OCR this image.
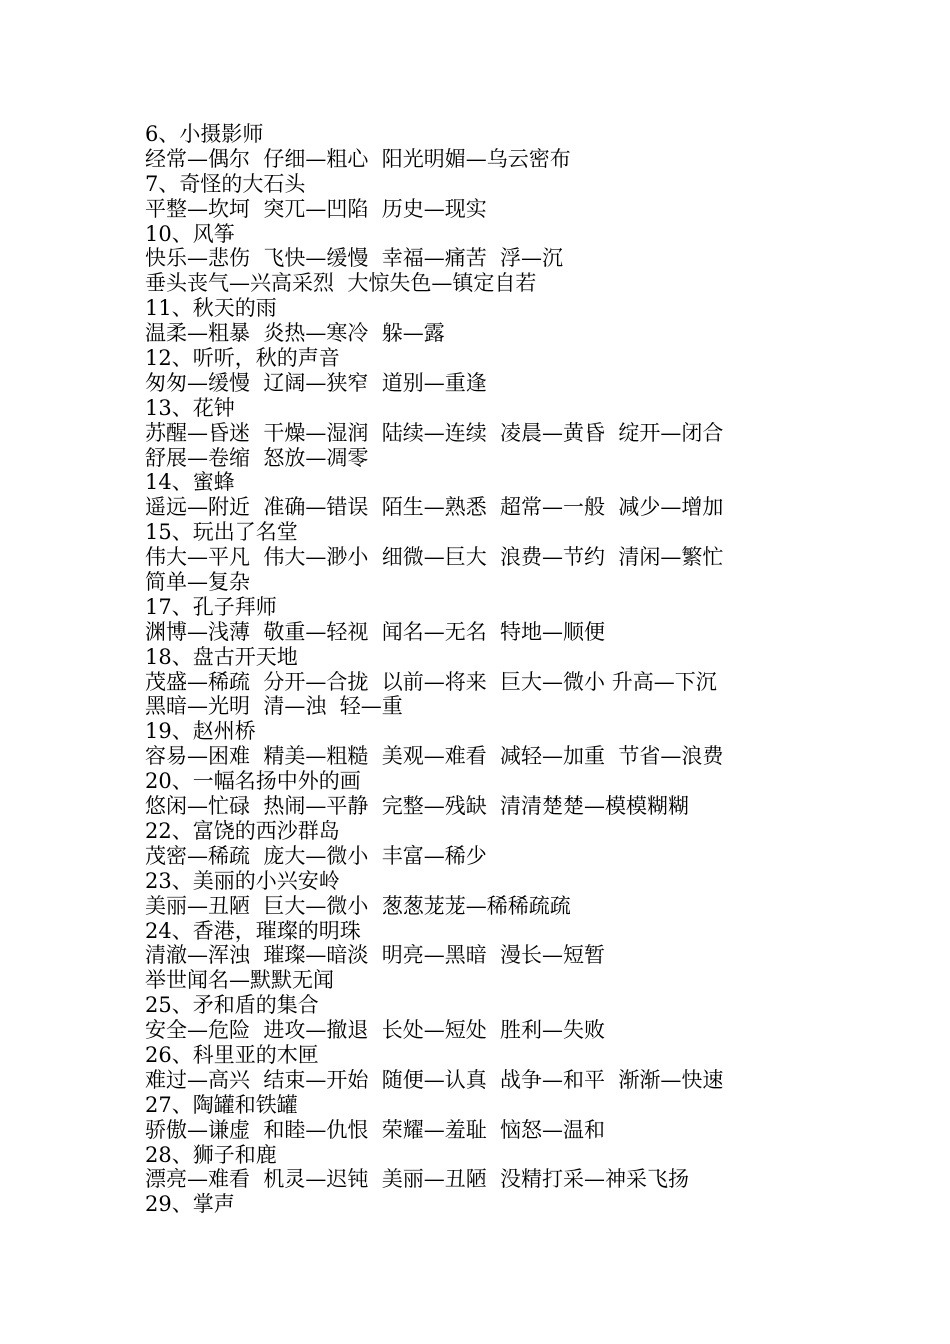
6、小摄影师
经常—偶尔  仔细—粗心  阳光明媚—乌云密布
7、奇怪的大石头
平整—坎坷  突兀—凹陷  历史—现实
10、风筝
快乐—悲伤  飞快—缓慢  幸福—痛苦  浮—沉
垂头丧气—兴高采烈  大惊失色—镇定自若
11、秋天的雨
温柔—粗暴  炎热—寒冷  躲—露
12、听听，秋的声音
匆匆—缓慢  辽阔—狭窄  道别—重逢
13、花钟
苏醒—昏迷  干燥—湿润  陆续—连续  凌晨—黄昏  绽开—闭合
舒展—卷缩  怒放—凋零
14、蜜蜂
遥远—附近  准确—错误  陌生—熟悉  超常—一般  减少—增加
15、玩出了名堂
伟大—平凡  伟大—渺小  细微—巨大  浪费—节约  清闲—繁忙
简单—复杂
17、孔子拜师
渊博—浅薄  敬重—轻视  闻名—无名  特地—顺便
18、盘古开天地
茂盛—稀疏  分开—合拢  以前—将来  巨大—微小 升高—下沉
黑暗—光明  清—浊  轻—重
19、赵州桥
容易—困难  精美—粗糙  美观—难看  减轻—加重  节省—浪费
20、一幅名扬中外的画
悠闲—忙碌  热闹—平静  完整—残缺  清清楚楚—模模糊糊
22、富饶的西沙群岛
茂密—稀疏  庞大—微小  丰富—稀少
23、美丽的小兴安岭
美丽—丑陋  巨大—微小  葱葱茏茏—稀稀疏疏
24、香港，璀璨的明珠
清澈—浑浊  璀璨—暗淡  明亮—黑暗  漫长—短暂
举世闻名—默默无闻
25、矛和盾的集合
安全—危险  进攻—撤退  长处—短处  胜利—失败
26、科里亚的木匣
难过—高兴  结束—开始  随便—认真  战争—和平  渐渐—快速
27、陶罐和铁罐
骄傲—谦虚  和睦—仇恨  荣耀—羞耻  恼怒—温和
28、狮子和鹿
漂亮—难看  机灵—迟钝  美丽—丑陋  没精打采—神采飞扬
29、掌声
